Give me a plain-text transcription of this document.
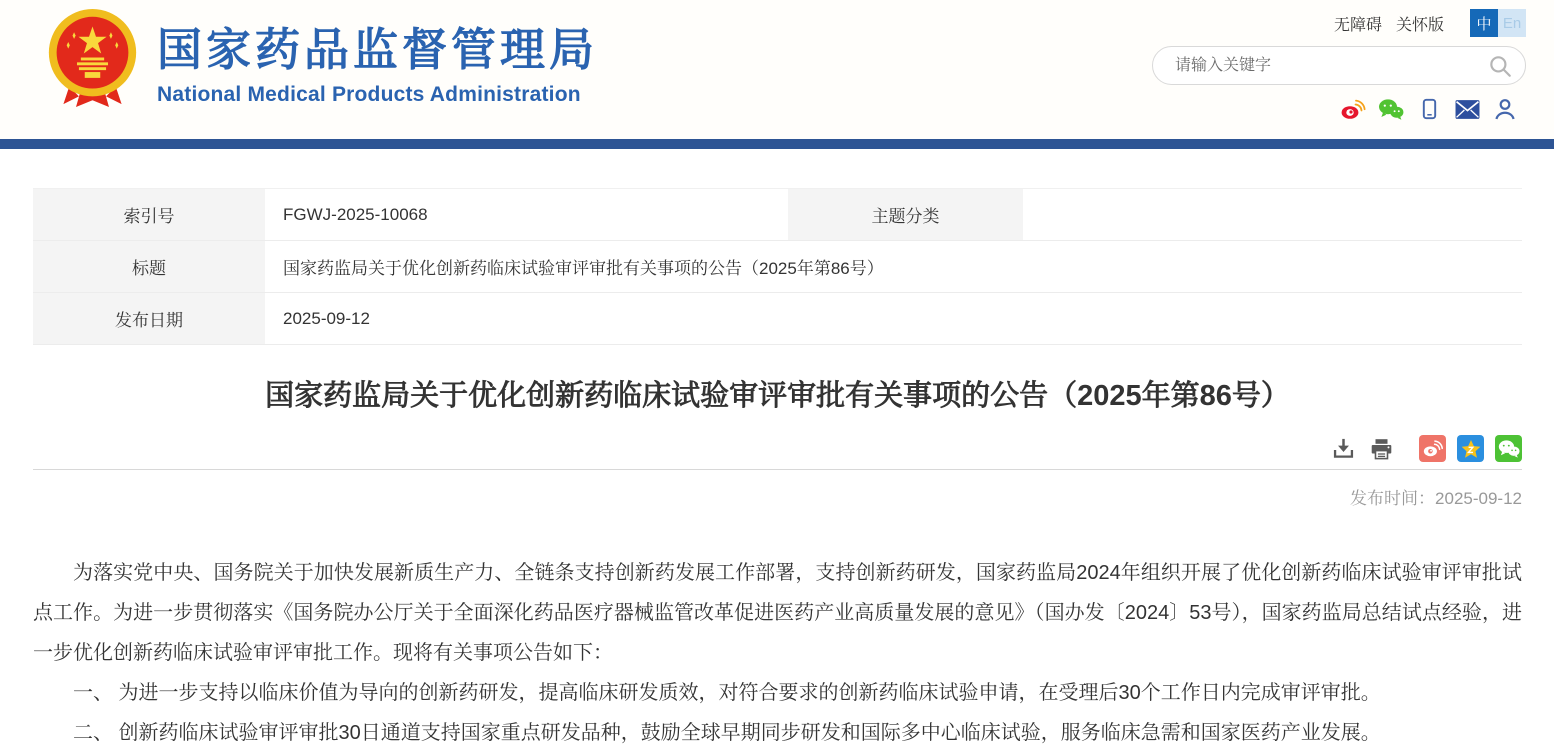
国家药品监督管理局
National Medical Products Administration
无障碍 关怀版	中 En
请输入关键字
索引号	FGWJ-2025-10068	主题分类	
标题	国家药监局关于优化创新药临床试验审评审批有关事项的公告（2025年第86号）		
发布日期	2025-09-12		
国家药监局关于优化创新药临床试验审评审批有关事项的公告（2025年第86号）
发布时间：2025-09-12

为落实党中央、国务院关于加快发展新质生产力、全链条支持创新药发展工作部署，支持创新药研发，国家药监局2024年组织开展了优化创新药临床试验审评审批试点工作。为进一步贯彻落实《国务院办公厅关于全面深化药品医疗器械监管改革促进医药产业高质量发展的意见》（国办发〔2024〕53号），国家药监局总结试点经验，进一步优化创新药临床试验审评审批工作。现将有关事项公告如下：

一、 为进一步支持以临床价值为导向的创新药研发，提高临床研发质效，对符合要求的创新药临床试验申请，在受理后30个工作日内完成审评审批。

二、 创新药临床试验审评审批30日通道支持国家重点研发品种，鼓励全球早期同步研发和国际多中心临床试验，服务临床急需和国家医药产业发展。
